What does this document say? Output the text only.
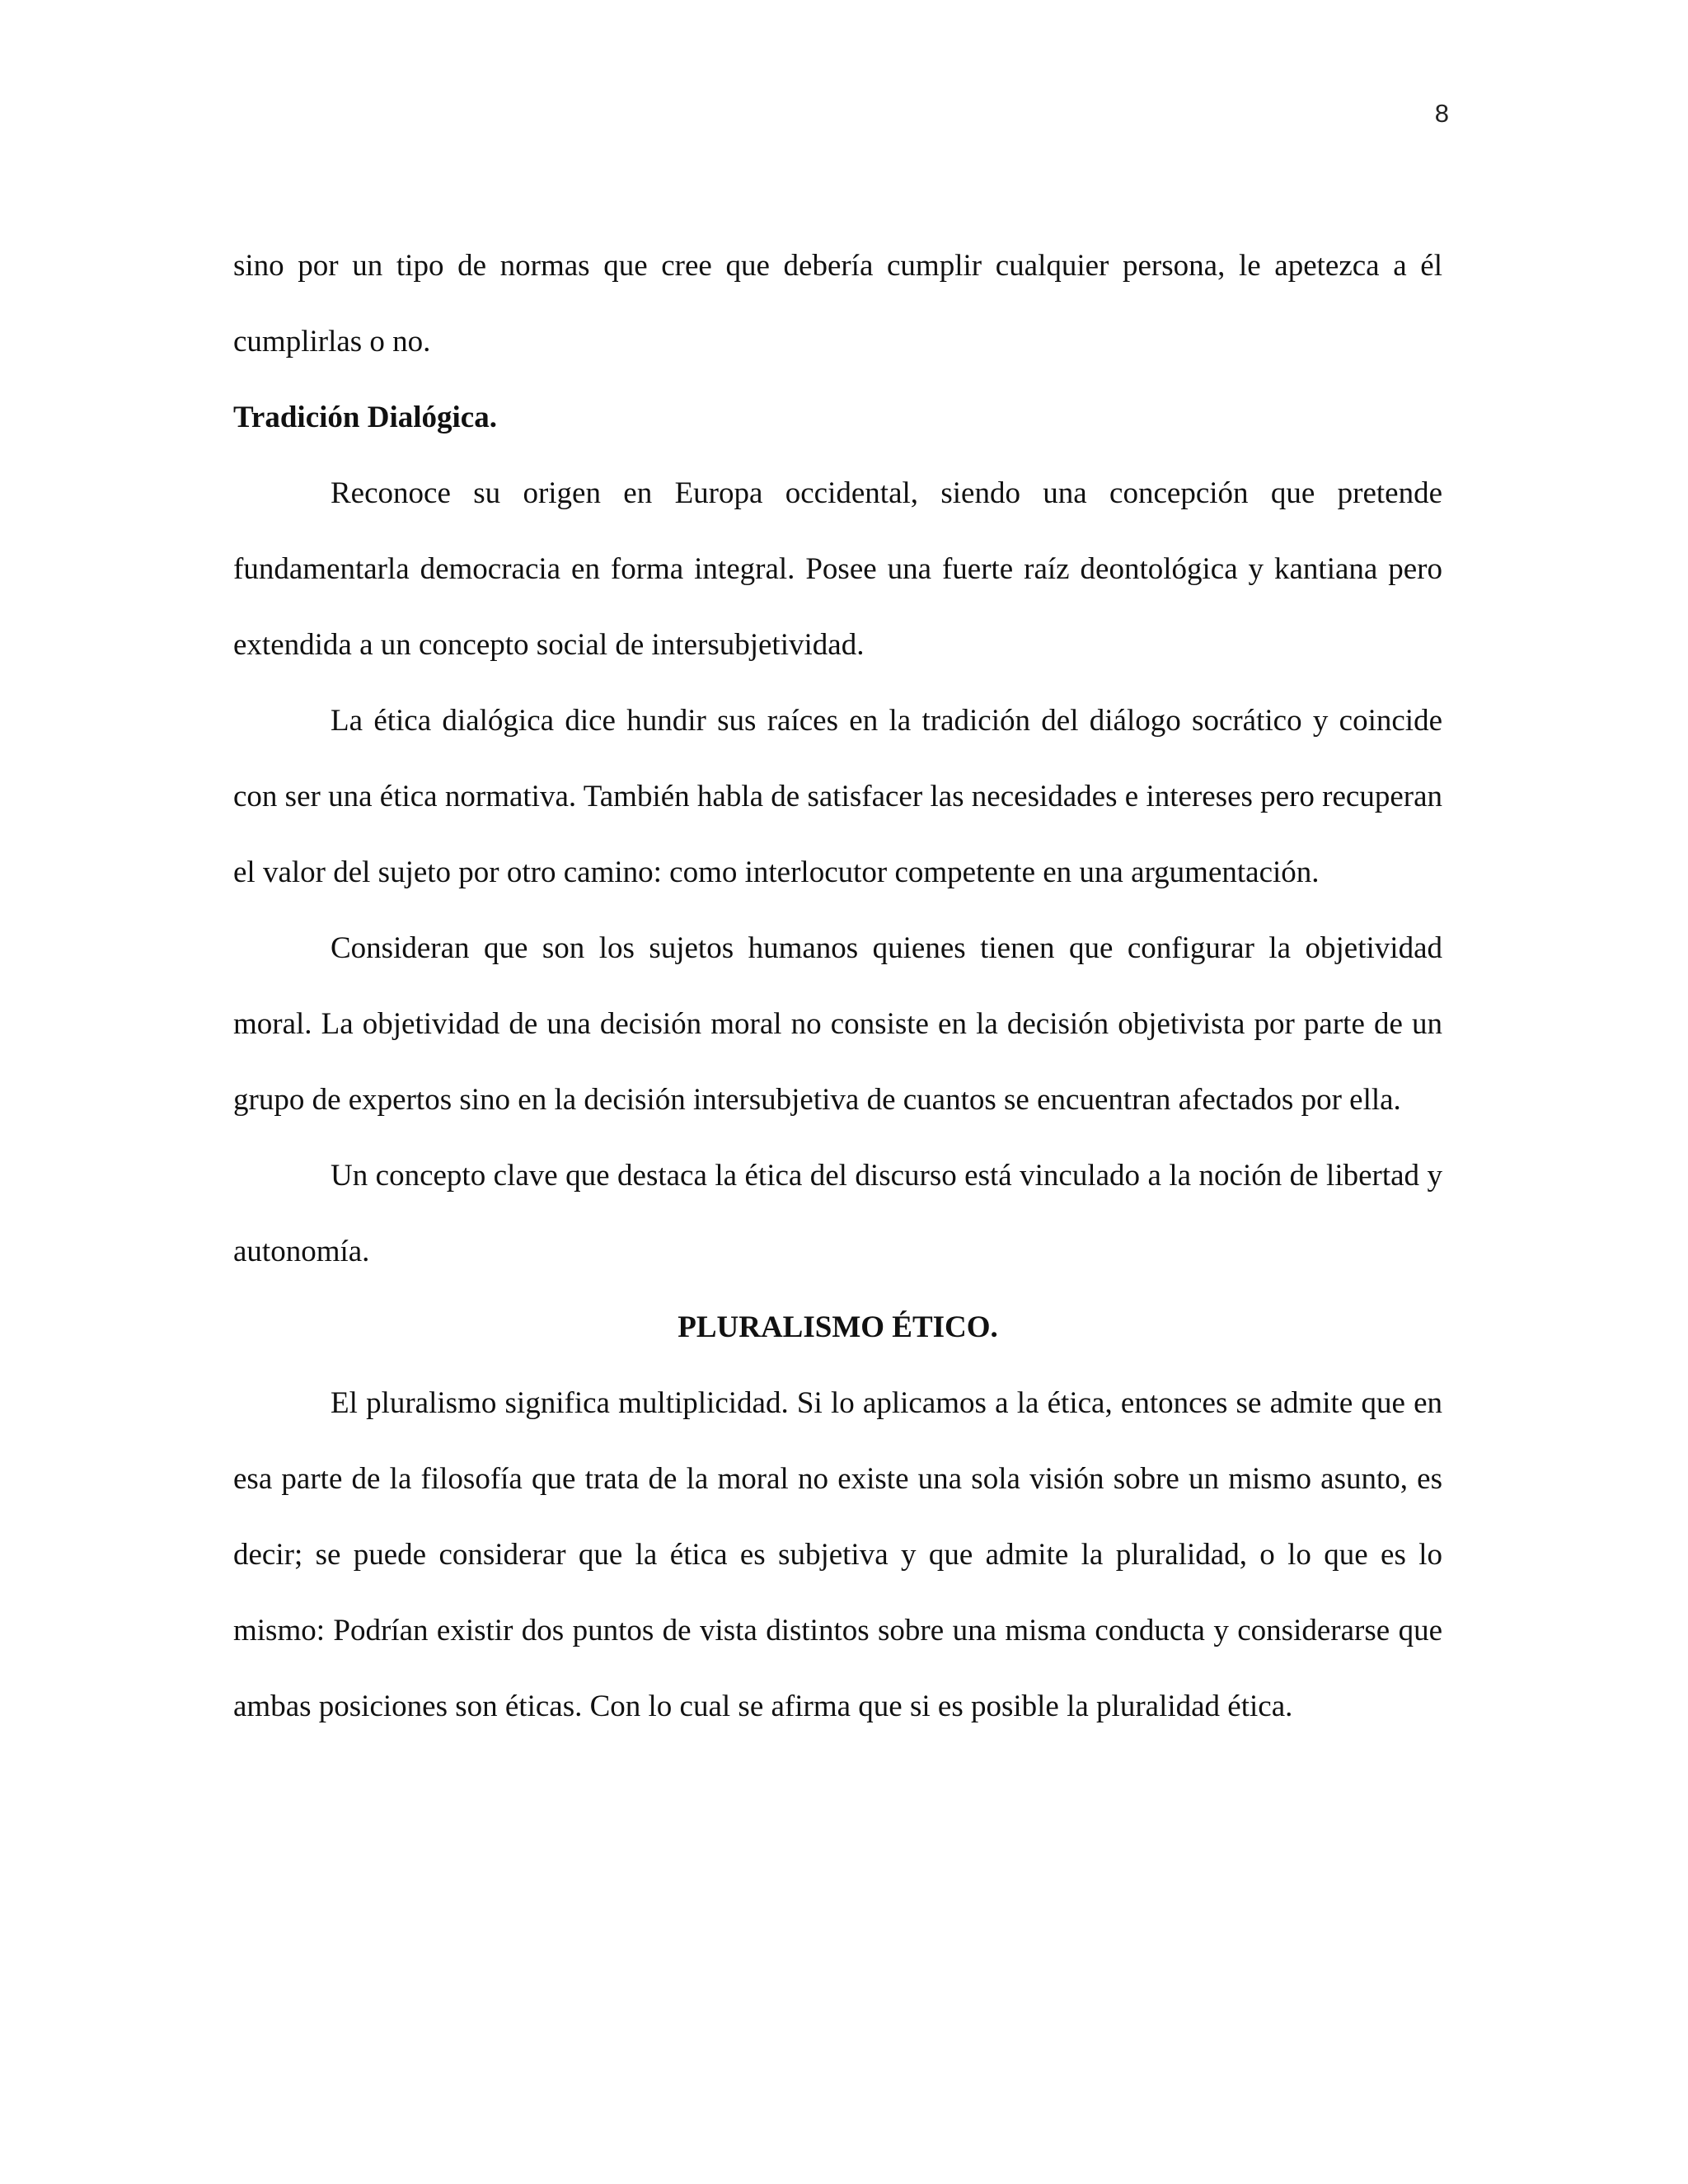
8

sino por un tipo de normas que cree que debería cumplir cualquier persona, le apetezca a él cumplirlas o no.

Tradición Dialógica.

Reconoce su origen en Europa occidental, siendo una concepción que pretende fundamentarla democracia en forma integral. Posee una fuerte raíz deontológica y kantiana pero extendida a un concepto social de intersubjetividad.

La ética dialógica dice hundir sus raíces en la tradición del diálogo socrático y coincide con ser una ética normativa. También habla de satisfacer las necesidades e intereses pero recuperan el valor del sujeto por otro camino: como interlocutor competente en una argumentación.

Consideran que son los sujetos humanos quienes tienen que configurar la objetividad moral. La objetividad de una decisión moral no consiste en la decisión objetivista por parte de un grupo de expertos sino en la decisión intersubjetiva de cuantos se encuentran afectados por ella.

Un concepto clave que destaca la ética del discurso está vinculado a la noción de libertad y autonomía.

PLURALISMO ÉTICO.

El pluralismo significa multiplicidad. Si lo aplicamos a la ética, entonces se admite que en esa parte de la filosofía que trata de la moral no existe una sola visión sobre un mismo asunto, es decir; se puede considerar que la ética es subjetiva y que admite la pluralidad, o lo que es lo mismo: Podrían existir dos puntos de vista distintos sobre una misma conducta y considerarse que ambas posiciones son éticas. Con lo cual se afirma que si es posible la pluralidad ética.
